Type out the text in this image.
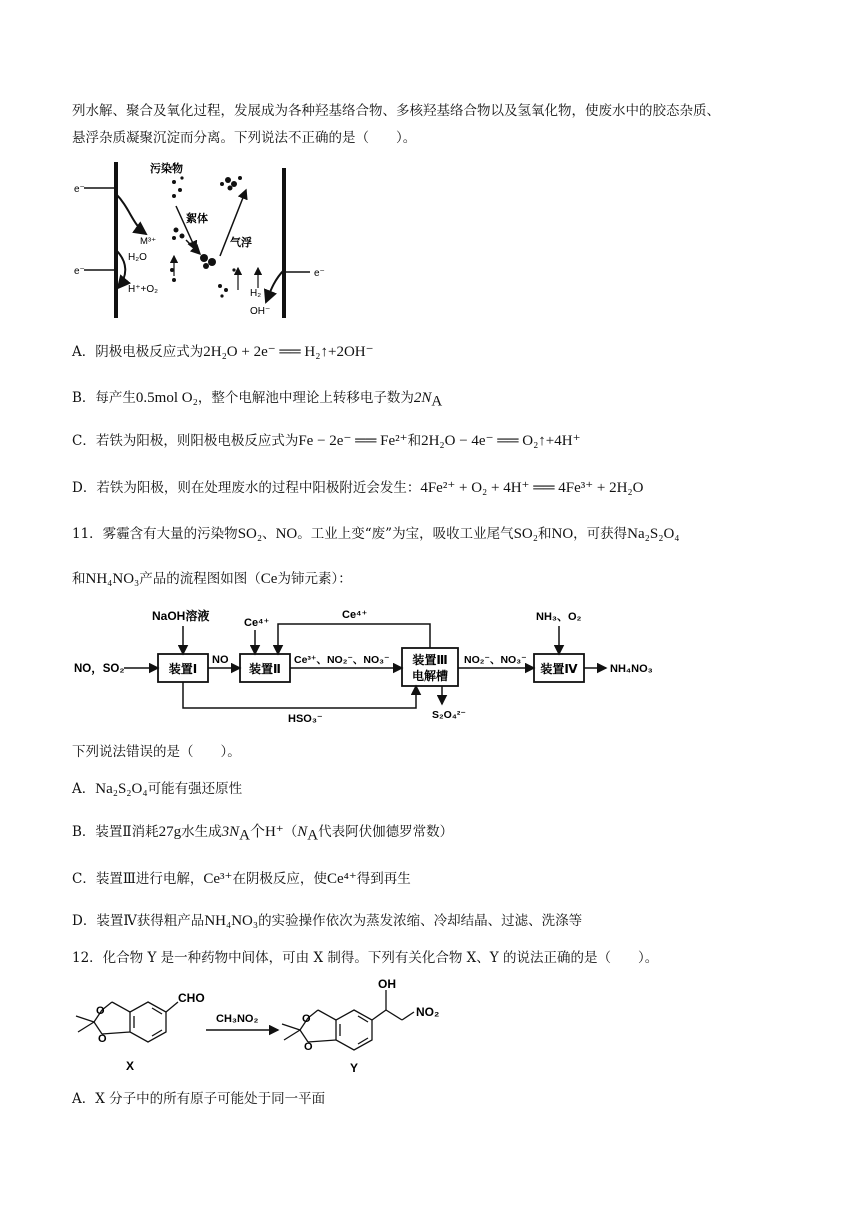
列水解、聚合及氧化过程，发展成为各种羟基络合物、多核羟基络合物以及氢氧化物，使废水中的胶态杂质、
悬浮杂质凝聚沉淀而分离。下列说法不正确的是（　　）。
e⁻
e⁻	e⁻
污染物
絮体
气浮
M³⁺
H₂O
H⁺+O₂	H₂
OH⁻
A．阴极电极反应式为2H₂O + 2e⁻ ══ H₂↑+2OH⁻
B．每产生0.5mol O₂，整个电解池中理论上转移电子数为$2N_A$
C．若铁为阳极，则阳极电极反应式为Fe − 2e⁻ ══ Fe²⁺和2H₂O − 4e⁻ ══ O₂↑+4H⁺
D．若铁为阳极，则在处理废水的过程中阳极附近会发生：4Fe²⁺ + O₂ + 4H⁺ ══ 4Fe³⁺ + 2H₂O
11．雾霾含有大量的污染物SO₂、NO。工业上变“废”为宝，吸收工业尾气SO₂和NO，可获得Na₂S₂O₄
和NH₄NO₃产品的流程图如图（Ce为铈元素）：
装置Ⅰ	装置Ⅱ
装置Ⅲ
电解槽	装置Ⅳ
NaOH溶液	Ce⁴⁺
Ce⁴⁺	NH₃、O₂
NO，SO₂
NO	Ce³⁺、NO₂⁻、NO₃⁻	NO₂⁻、NO₃⁻
NH₄NO₃
HSO₃⁻	S₂O₄²⁻
下列说法错误的是（　　）。
A．Na₂S₂O₄可能有强还原性
B．装置Ⅱ消耗27g水生成$3N_A$个$H^+(N_A$代表阿伏伽德罗常数）
C．装置Ⅲ进行电解，Ce³⁺在阴极反应，使Ce⁴⁺得到再生
D．装置Ⅳ获得粗产品NH₄NO₃的实验操作依次为蒸发浓缩、冷却结晶、过滤、洗涤等
12．化合物 Y 是一种药物中间体，可由 X 制得。下列有关化合物 X、Y 的说法正确的是（　　）。
O
O
CHO
X
CH₃NO₂	O
O
OH
NO₂
Y
A．X 分子中的所有原子可能处于同一平面
